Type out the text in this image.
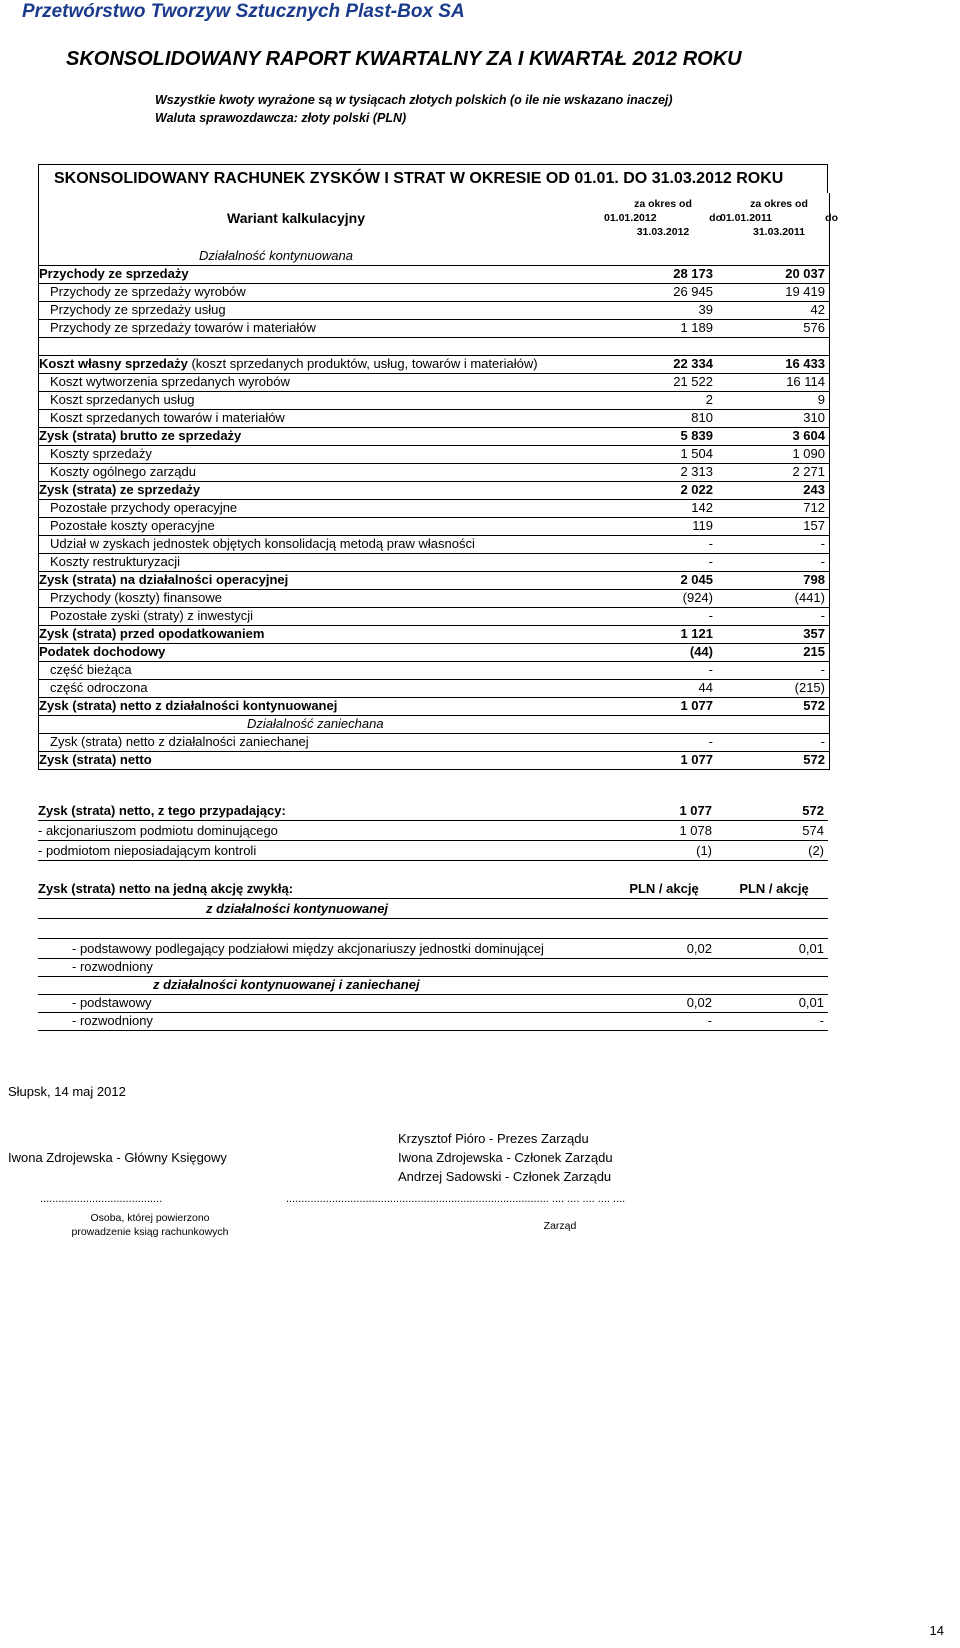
Przetwórstwo Tworzyw Sztucznych Plast-Box SA
SKONSOLIDOWANY RAPORT KWARTALNY ZA I KWARTAŁ 2012 ROKU
Wszystkie kwoty wyrażone są w tysiącach złotych polskich (o ile nie wskazano inaczej)
Waluta sprawozdawcza: złoty polski (PLN)
SKONSOLIDOWANY RACHUNEK ZYSKÓW I STRAT W OKRESIE OD 01.01. DO 31.03.2012 ROKU
Wariant kalkulacyjny
za okres od
01.01.2012	do
31.03.2012
za okres od
01.01.2011	do
31.03.2011
Działalność kontynuowana
Przychody ze sprzedaży	28 173	20 037
Przychody ze sprzedaży wyrobów	26 945	19 419
Przychody ze sprzedaży usług	39	42
Przychody ze sprzedaży towarów i materiałów	1 189	576
Koszt własny sprzedaży (koszt sprzedanych produktów, usług, towarów i materiałów)	22 334	16 433
Koszt wytworzenia sprzedanych wyrobów	21 522	16 114
Koszt sprzedanych usług	2	9
Koszt sprzedanych towarów i materiałów	810	310
Zysk (strata) brutto ze sprzedaży	5 839	3 604
Koszty sprzedaży	1 504	1 090
Koszty ogólnego zarządu	2 313	2 271
Zysk (strata) ze sprzedaży	2 022	243
Pozostałe przychody operacyjne	142	712
Pozostałe koszty operacyjne	119	157
Udział w zyskach jednostek objętych konsolidacją metodą praw własności	-	-
Koszty restrukturyzacji	-	-
Zysk (strata) na działalności operacyjnej	2 045	798
Przychody (koszty) finansowe	(924)	(441)
Pozostałe zyski (straty) z inwestycji	-	-
Zysk (strata) przed opodatkowaniem	1 121	357
Podatek dochodowy	(44)	215
część bieżąca	-	-
część odroczona	44	(215)
Zysk (strata) netto z działalności kontynuowanej	1 077	572
Działalność zaniechana
Zysk (strata) netto z działalności zaniechanej	-	-
Zysk (strata) netto	1 077	572
Zysk (strata) netto, z tego przypadający:	1 077	572
- akcjonariuszom podmiotu dominującego	1 078	574
- podmiotom nieposiadającym kontroli	(1)	(2)
Zysk (strata) netto na jedną akcję zwykłą:	PLN / akcję	PLN / akcję
z działalności kontynuowanej
- podstawowy podlegający podziałowi między akcjonariuszy jednostki dominującej	0,02	0,01
- rozwodniony
z działalności kontynuowanej i zaniechanej
- podstawowy	0,02	0,01
- rozwodniony	-	-
Słupsk, 14 maj 2012
Iwona Zdrojewska - Główny Księgowy
Krzysztof Pióro - Prezes Zarządu
Iwona Zdrojewska - Członek Zarządu
Andrzej Sadowski - Członek Zarządu
........................................	...................................................................................... .... .... .... .... ....
Osoba, której powierzono
prowadzenie ksiąg rachunkowych	Zarząd
14
